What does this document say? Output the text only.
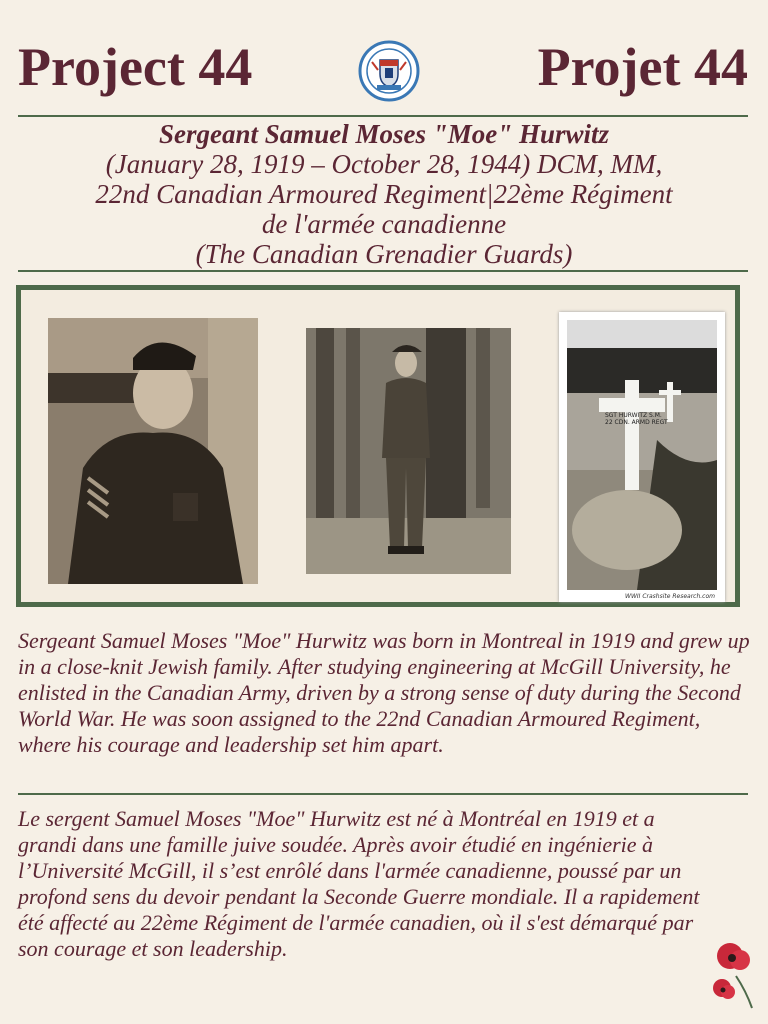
Project 44	Projet 44
Sergeant Samuel Moses "Moe" Hurwitz
(January 28, 1919 – October 28, 1944) DCM, MM,
22nd Canadian Armoured Regiment|22ème Régiment
de l'armée canadienne
(The Canadian Grenadier Guards)
SGT HURWITZ S.M.
22 CDN. ARMD REGT
WWII Crashsite Research.com
Sergeant Samuel Moses "Moe" Hurwitz was born in Montreal in 1919 and grew up in a close-knit Jewish family. After studying engineering at McGill University, he enlisted in the Canadian Army, driven by a strong sense of duty during the Second World War. He was soon assigned to the 22nd Canadian Armoured Regiment, where his courage and leadership set him apart.
Le sergent Samuel Moses "Moe" Hurwitz est né à Montréal en 1919 et a grandi dans une famille juive soudée. Après avoir étudié en ingénierie à l’Université McGill, il s’est enrôlé dans l'armée canadienne, poussé par un profond sens du devoir pendant la Seconde Guerre mondiale. Il a rapidement été affecté au 22ème Régiment de l'armée canadien, où il s'est démarqué par son courage et son leadership.
